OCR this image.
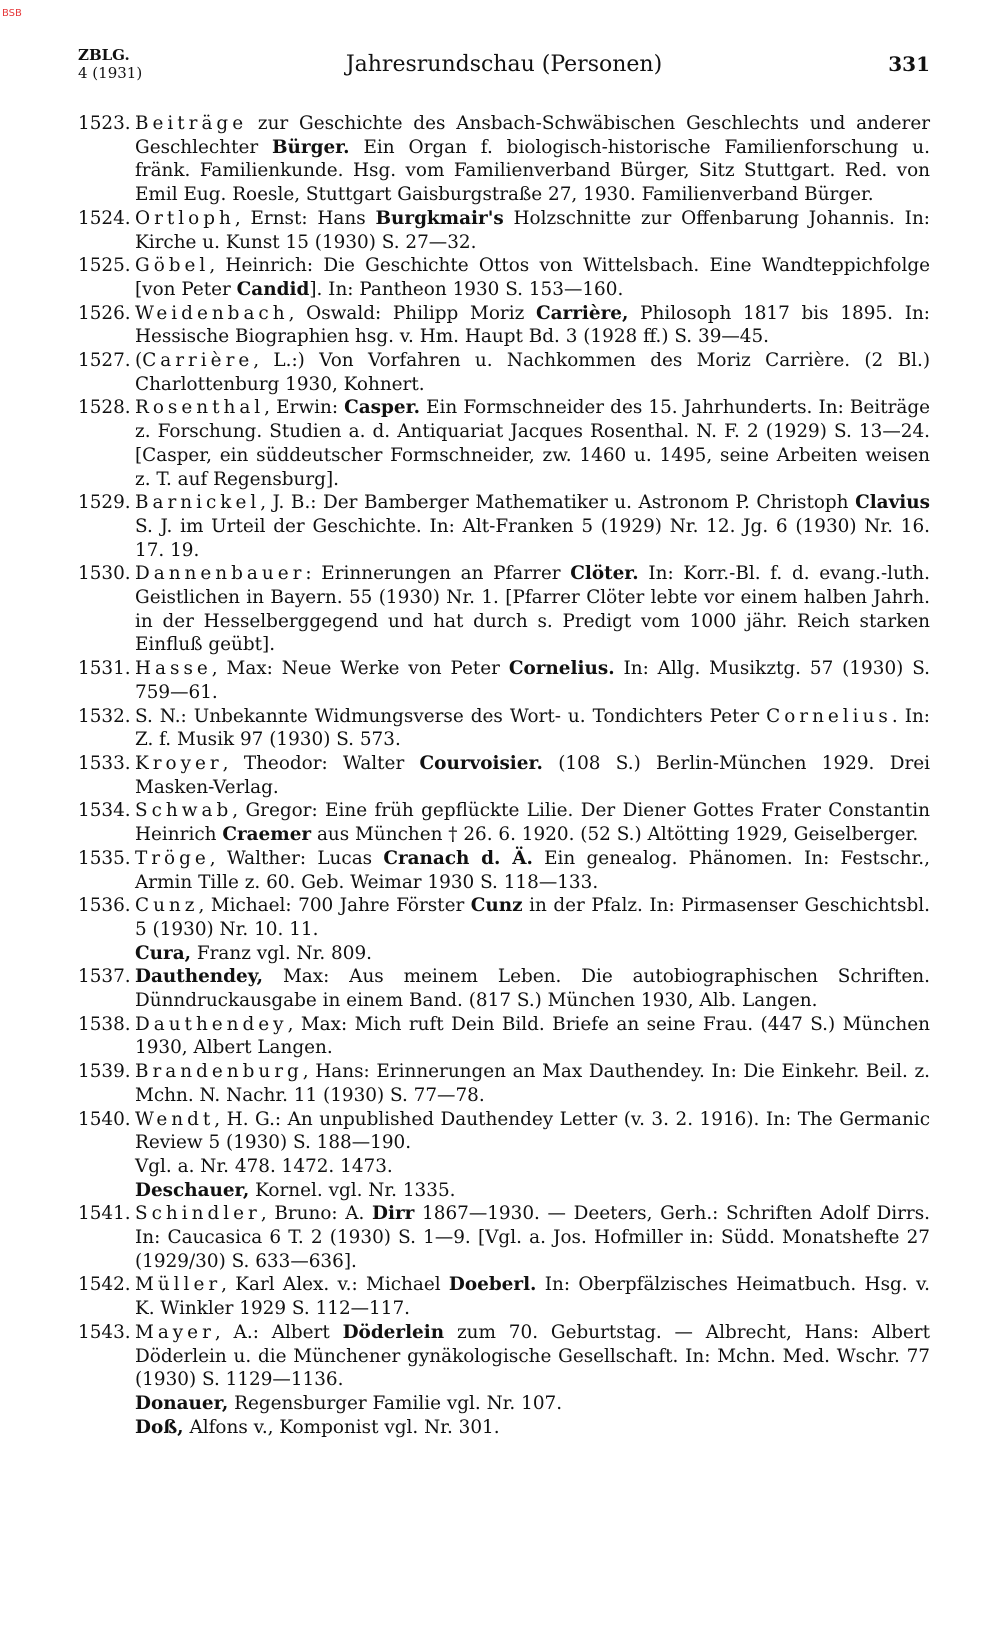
BSB
ZBLG.
4 (1931)	Jahresrundschau (Personen)	331
1523. Beiträge zur Geschichte des Ansbach-Schwäbischen Geschlechts und anderer Geschlechter Bürger. Ein Organ f. biologisch-historische Familienforschung u. fränk. Familienkunde. Hsg. vom Familienverband Bürger, Sitz Stuttgart. Red. von Emil Eug. Roesle, Stuttgart Gaisburgstraße 27, 1930. Familienverband Bürger.
1524. Ortloph, Ernst: Hans Burgkmair's Holzschnitte zur Offenbarung Johannis. In: Kirche u. Kunst 15 (1930) S. 27—32.
1525. Göbel, Heinrich: Die Geschichte Ottos von Wittelsbach. Eine Wandteppichfolge [von Peter Candid]. In: Pantheon 1930 S. 153—160.
1526. Weidenbach, Oswald: Philipp Moriz Carrière, Philosoph 1817 bis 1895. In: Hessische Biographien hsg. v. Hm. Haupt Bd. 3 (1928 ff.) S. 39—45.
1527. (Carrière, L.:) Von Vorfahren u. Nachkommen des Moriz Carrière. (2 Bl.) Charlottenburg 1930, Kohnert.
1528. Rosenthal, Erwin: Casper. Ein Formschneider des 15. Jahrhunderts. In: Beiträge z. Forschung. Studien a. d. Antiquariat Jacques Rosenthal. N. F. 2 (1929) S. 13—24. [Casper, ein süddeutscher Formschneider, zw. 1460 u. 1495, seine Arbeiten weisen z. T. auf Regensburg].
1529. Barnickel, J. B.: Der Bamberger Mathematiker u. Astronom P. Christoph Clavius S. J. im Urteil der Geschichte. In: Alt-Franken 5 (1929) Nr. 12. Jg. 6 (1930) Nr. 16. 17. 19.
1530. Dannenbauer: Erinnerungen an Pfarrer Clöter. In: Korr.-Bl. f. d. evang.-luth. Geistlichen in Bayern. 55 (1930) Nr. 1. [Pfarrer Clöter lebte vor einem halben Jahrh. in der Hesselberggegend und hat durch s. Predigt vom 1000 jähr. Reich starken Einfluß geübt].
1531. Hasse, Max: Neue Werke von Peter Cornelius. In: Allg. Musikztg. 57 (1930) S. 759—61.
1532. S. N.: Unbekannte Widmungsverse des Wort- u. Tondichters Peter Cornelius. In: Z. f. Musik 97 (1930) S. 573.
1533. Kroyer, Theodor: Walter Courvoisier. (108 S.) Berlin-München 1929. Drei Masken-Verlag.
1534. Schwab, Gregor: Eine früh gepflückte Lilie. Der Diener Gottes Frater Constantin Heinrich Craemer aus München † 26. 6. 1920. (52 S.) Altötting 1929, Geiselberger.
1535. Tröge, Walther: Lucas Cranach d. Ä. Ein genealog. Phänomen. In: Festschr., Armin Tille z. 60. Geb. Weimar 1930 S. 118—133.
1536. Cunz, Michael: 700 Jahre Förster Cunz in der Pfalz. In: Pirmasenser Geschichtsbl. 5 (1930) Nr. 10. 11.
Cura, Franz vgl. Nr. 809.
1537. Dauthendey, Max: Aus meinem Leben. Die autobiographischen Schriften. Dünndruckausgabe in einem Band. (817 S.) München 1930, Alb. Langen.
1538. Dauthendey, Max: Mich ruft Dein Bild. Briefe an seine Frau. (447 S.) München 1930, Albert Langen.
1539. Brandenburg, Hans: Erinnerungen an Max Dauthendey. In: Die Einkehr. Beil. z. Mchn. N. Nachr. 11 (1930) S. 77—78.
1540. Wendt, H. G.: An unpublished Dauthendey Letter (v. 3. 2. 1916). In: The Germanic Review 5 (1930) S. 188—190.
Vgl. a. Nr. 478. 1472. 1473.
Deschauer, Kornel. vgl. Nr. 1335.
1541. Schindler, Bruno: A. Dirr 1867—1930. — Deeters, Gerh.: Schriften Adolf Dirrs. In: Caucasica 6 T. 2 (1930) S. 1—9. [Vgl. a. Jos. Hofmiller in: Südd. Monatshefte 27 (1929/30) S. 633—636].
1542. Müller, Karl Alex. v.: Michael Doeberl. In: Oberpfälzisches Heimatbuch. Hsg. v. K. Winkler 1929 S. 112—117.
1543. Mayer, A.: Albert Döderlein zum 70. Geburtstag. — Albrecht, Hans: Albert Döderlein u. die Münchener gynäkologische Gesellschaft. In: Mchn. Med. Wschr. 77 (1930) S. 1129—1136.
Donauer, Regensburger Familie vgl. Nr. 107.
Doß, Alfons v., Komponist vgl. Nr. 301.
